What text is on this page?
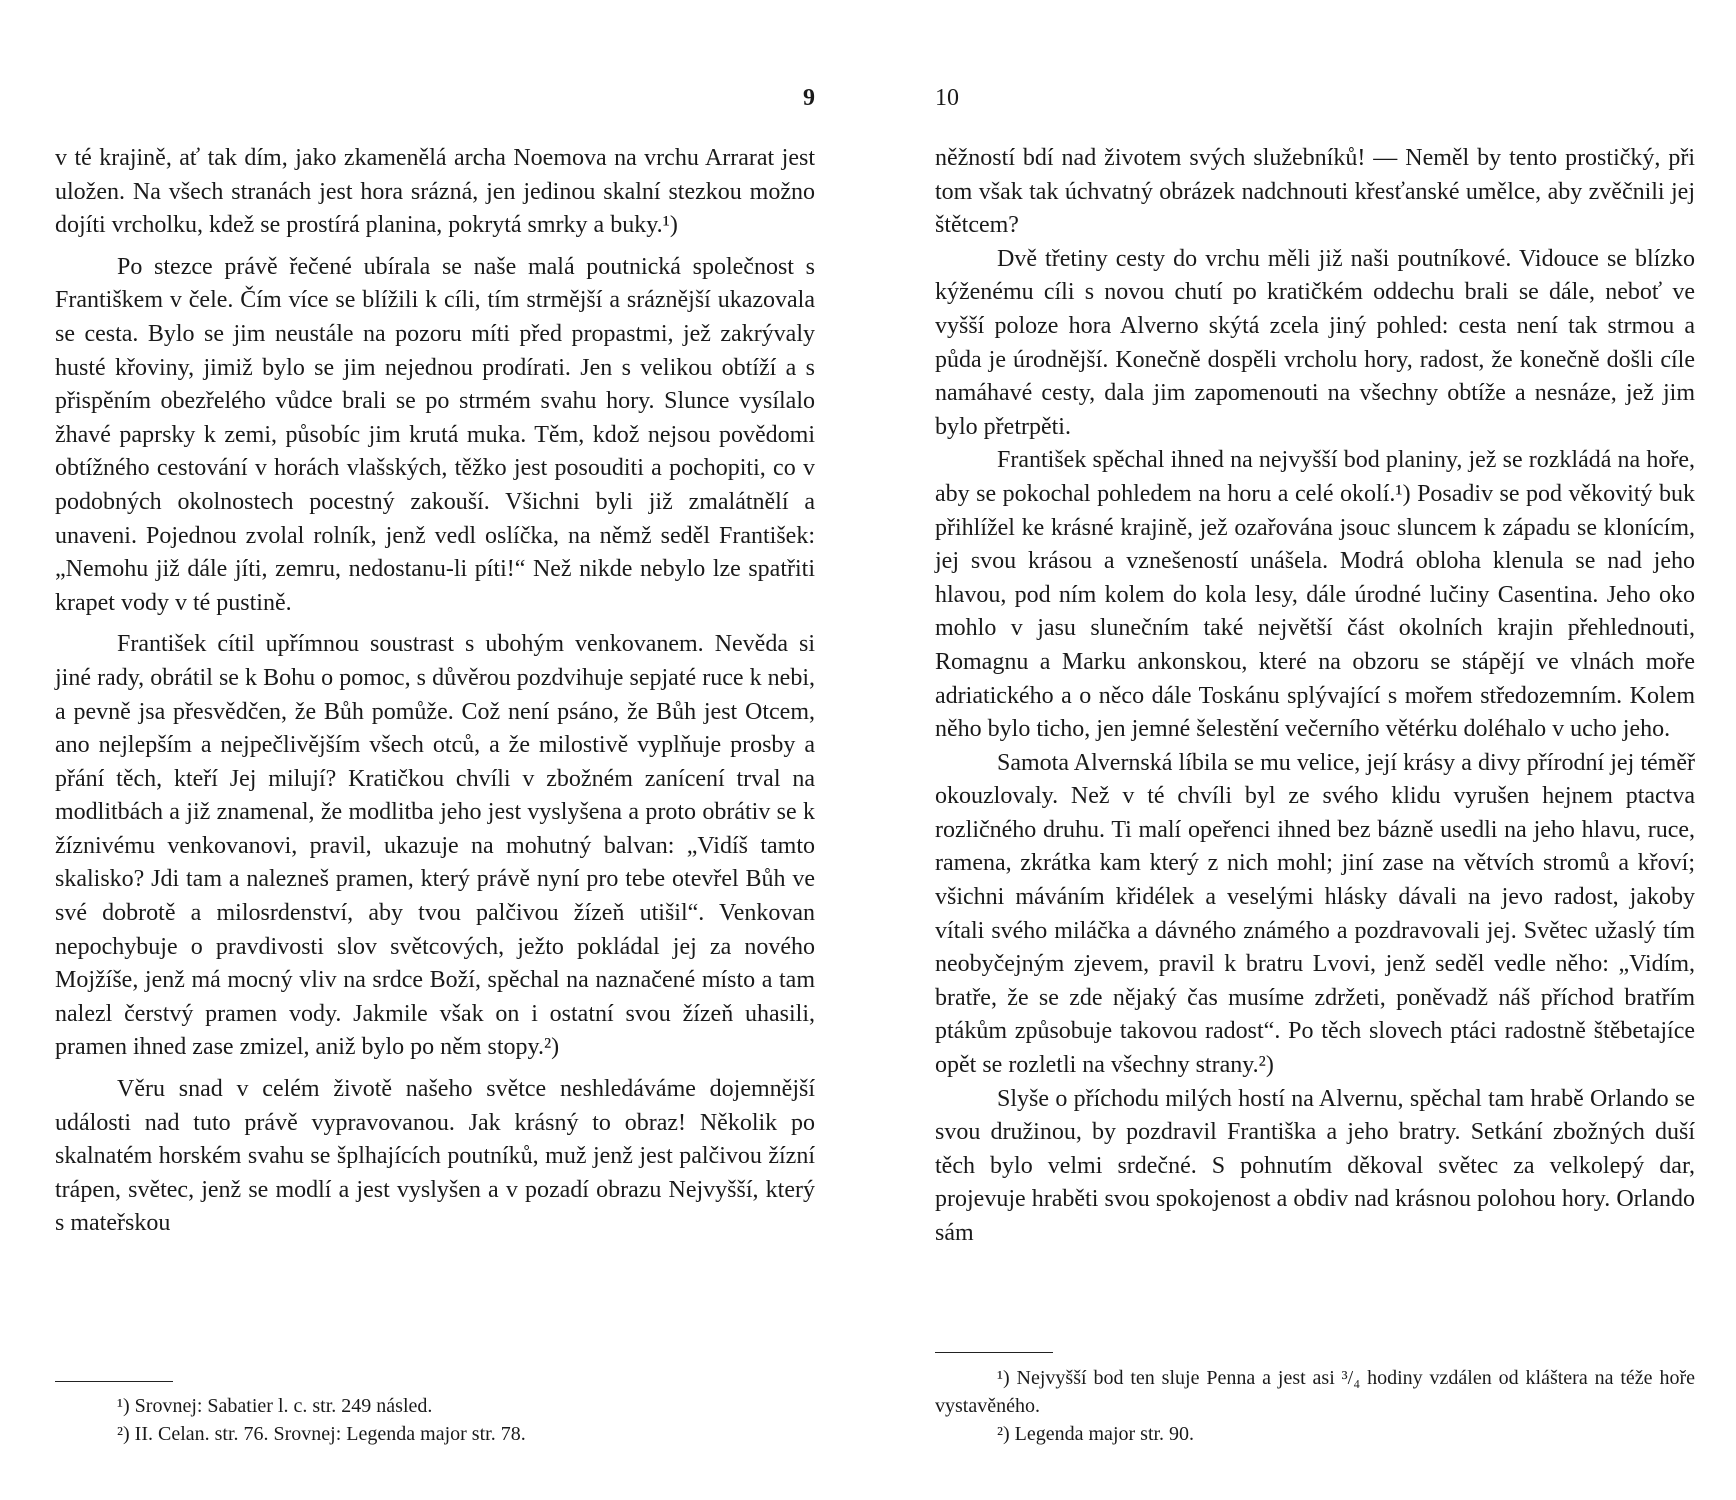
9

v té krajině, ať tak dím, jako zkamenělá archa Noemova na vrchu Arrarat jest uložen. Na všech stranách jest hora srázná, jen jedinou skalní stezkou možno dojíti vrcholku, kdež se prostírá planina, pokrytá smrky a buky.¹)

Po stezce právě řečené ubírala se naše malá poutnická společnost s Františkem v čele. Čím více se blížili k cíli, tím strmější a sráznější ukazovala se cesta. Bylo se jim neustále na pozoru míti před propastmi, jež zakrývaly husté křoviny, jimiž bylo se jim nejednou prodírati. Jen s velikou obtíží a s přispěním obezřelého vůdce brali se po strmém svahu hory. Slunce vysílalo žhavé paprsky k zemi, působíc jim krutá muka. Těm, kdož nejsou povědomi obtížného cestování v horách vlašských, těžko jest posouditi a pochopiti, co v podobných okolnostech pocestný zakouší. Všichni byli již zmalátnělí a unaveni. Pojednou zvolal rolník, jenž vedl oslíčka, na němž seděl František: „Nemohu již dále jíti, zemru, nedostanu-li píti!“ Než nikde nebylo lze spatřiti krapet vody v té pustině.

František cítil upřímnou soustrast s ubohým venkovanem. Nevěda si jiné rady, obrátil se k Bohu o pomoc, s důvěrou pozdvihuje sepjaté ruce k nebi, a pevně jsa přesvědčen, že Bůh pomůže. Což není psáno, že Bůh jest Otcem, ano nejlepším a nejpečlivějším všech otců, a že milostivě vyplňuje prosby a přání těch, kteří Jej milují? Kratičkou chvíli v zbožném zanícení trval na modlitbách a již znamenal, že modlitba jeho jest vyslyšena a proto obrátiv se k žíznivému venkovanovi, pravil, ukazuje na mohutný balvan: „Vidíš tamto skalisko? Jdi tam a nalezneš pramen, který právě nyní pro tebe otevřel Bůh ve své dobrotě a milosrdenství, aby tvou palčivou žízeň utišil“. Venkovan nepochybuje o pravdivosti slov světcových, ježto pokládal jej za nového Mojžíše, jenž má mocný vliv na srdce Boží, spěchal na naznačené místo a tam nalezl čerstvý pramen vody. Jakmile však on i ostatní svou žízeň uhasili, pramen ihned zase zmizel, aniž bylo po něm stopy.²)

Věru snad v celém životě našeho světce neshledáváme dojemnější události nad tuto právě vypravovanou. Jak krásný to obraz! Několik po skalnatém horském svahu se šplhajících poutníků, muž jenž jest palčivou žízní trápen, světec, jenž se modlí a jest vyslyšen a v pozadí obrazu Nejvyšší, který s mateřskou

¹) Srovnej: Sabatier l. c. str. 249 násled.

²) II. Celan. str. 76. Srovnej: Legenda major str. 78.

10

něžností bdí nad životem svých služebníků! — Neměl by tento prostičký, při tom však tak úchvatný obrázek nadchnouti křesťanské umělce, aby zvěčnili jej štětcem?

Dvě třetiny cesty do vrchu měli již naši poutníkové. Vidouce se blízko kýženému cíli s novou chutí po kratičkém oddechu brali se dále, neboť ve vyšší poloze hora Alverno skýtá zcela jiný pohled: cesta není tak strmou a půda je úrodnější. Konečně dospěli vrcholu hory, radost, že konečně došli cíle namáhavé cesty, dala jim zapomenouti na všechny obtíže a nesnáze, jež jim bylo přetrpěti.

František spěchal ihned na nejvyšší bod planiny, jež se rozkládá na hoře, aby se pokochal pohledem na horu a celé okolí.¹) Posadiv se pod věkovitý buk přihlížel ke krásné krajině, jež ozařována jsouc sluncem k západu se klonícím, jej svou krásou a vznešeností unášela. Modrá obloha klenula se nad jeho hlavou, pod ním kolem do kola lesy, dále úrodné lučiny Casentina. Jeho oko mohlo v jasu slunečním také největší část okolních krajin přehlednouti, Romagnu a Marku ankonskou, které na obzoru se stápějí ve vlnách moře adriatického a o něco dále Toskánu splývající s mořem středozemním. Kolem něho bylo ticho, jen jemné šelestění večerního větérku doléhalo v ucho jeho.

Samota Alvernská líbila se mu velice, její krásy a divy přírodní jej téměř okouzlovaly. Než v té chvíli byl ze svého klidu vyrušen hejnem ptactva rozličného druhu. Ti malí opeřenci ihned bez bázně usedli na jeho hlavu, ruce, ramena, zkrátka kam který z nich mohl; jiní zase na větvích stromů a křoví; všichni máváním křidélek a veselými hlásky dávali na jevo radost, jakoby vítali svého miláčka a dávného známého a pozdravovali jej. Světec užaslý tím neobyčejným zjevem, pravil k bratru Lvovi, jenž seděl vedle něho: „Vidím, bratře, že se zde nějaký čas musíme zdržeti, poněvadž náš příchod bratřím ptákům způsobuje takovou radost“. Po těch slovech ptáci radostně štěbetajíce opět se rozletli na všechny strany.²)

Slyše o příchodu milých hostí na Alvernu, spěchal tam hrabě Orlando se svou družinou, by pozdravil Františka a jeho bratry. Setkání zbožných duší těch bylo velmi srdečné. S pohnutím děkoval světec za velkolepý dar, projevuje hraběti svou spokojenost a obdiv nad krásnou polohou hory. Orlando sám

¹) Nejvyšší bod ten sluje Penna a jest asi ³/₄ hodiny vzdálen od kláštera na téže hoře vystavěného.

²) Legenda major str. 90.
